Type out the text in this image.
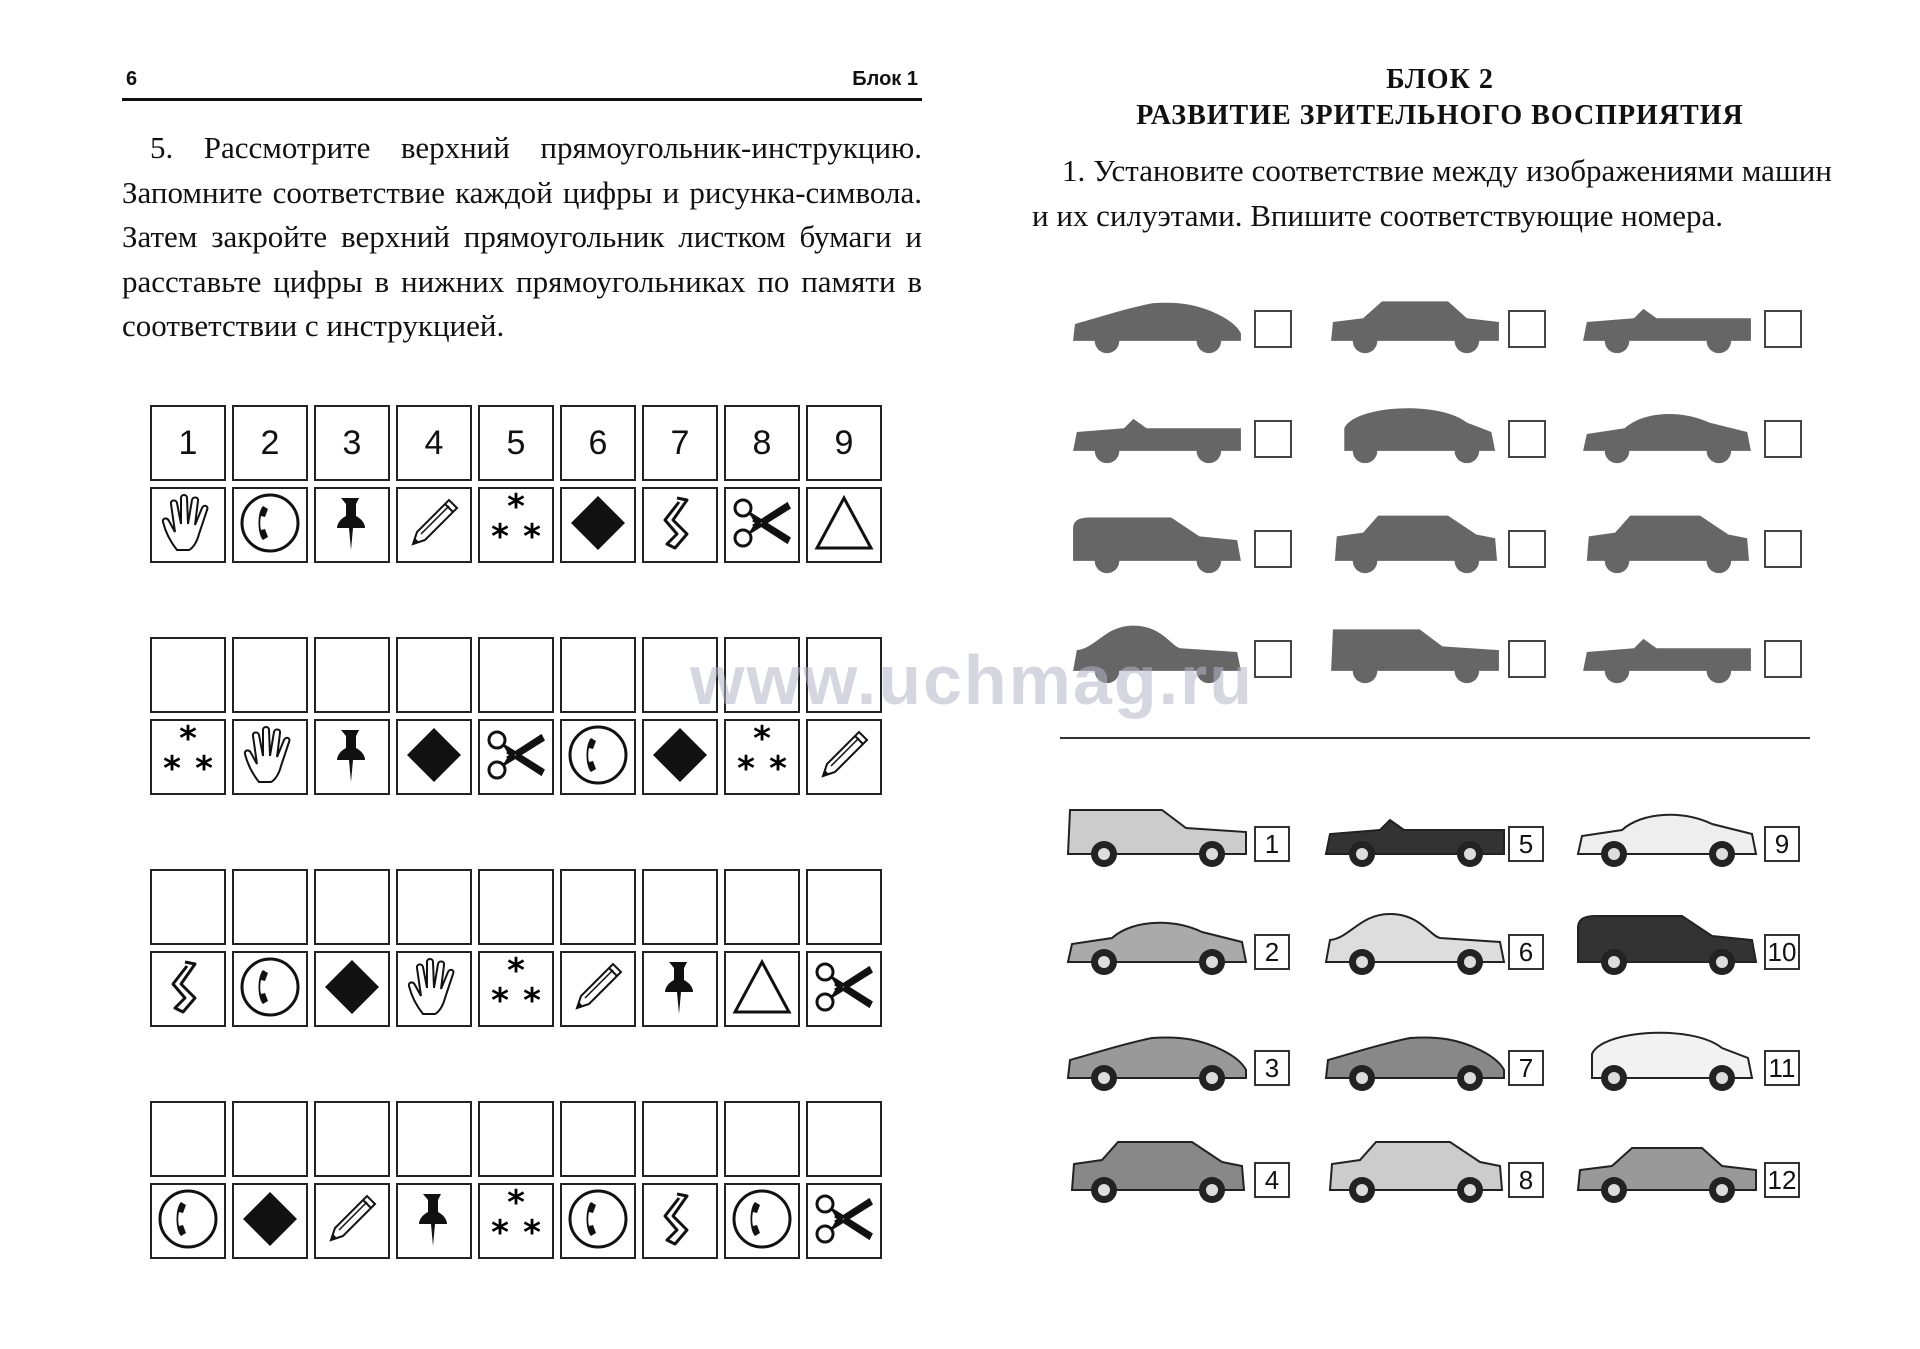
6	Блок 1

5. Рассмотрите верхний прямоугольник-инструкцию. Запомните соответствие каждой цифры и рисунка-символа. Затем закройте верхний прямоугольник листком бумаги и расставьте цифры в нижних прямоугольниках по памяти в соответствии с инструкцией.

1 2 3 4 5 6 7 8 9
*
* *
*
* *
*
* *
*
* *
*
* *
БЛОК 2
РАЗВИТИЕ ЗРИТЕЛЬНОГО ВОСПРИЯТИЯ

1. Установите соответствие между изображениями машин и их силуэтами. Впишите соответствующие номера.

1	5	9
2	6	10
3	7	11
4	8	12
www.uchmag.ru
